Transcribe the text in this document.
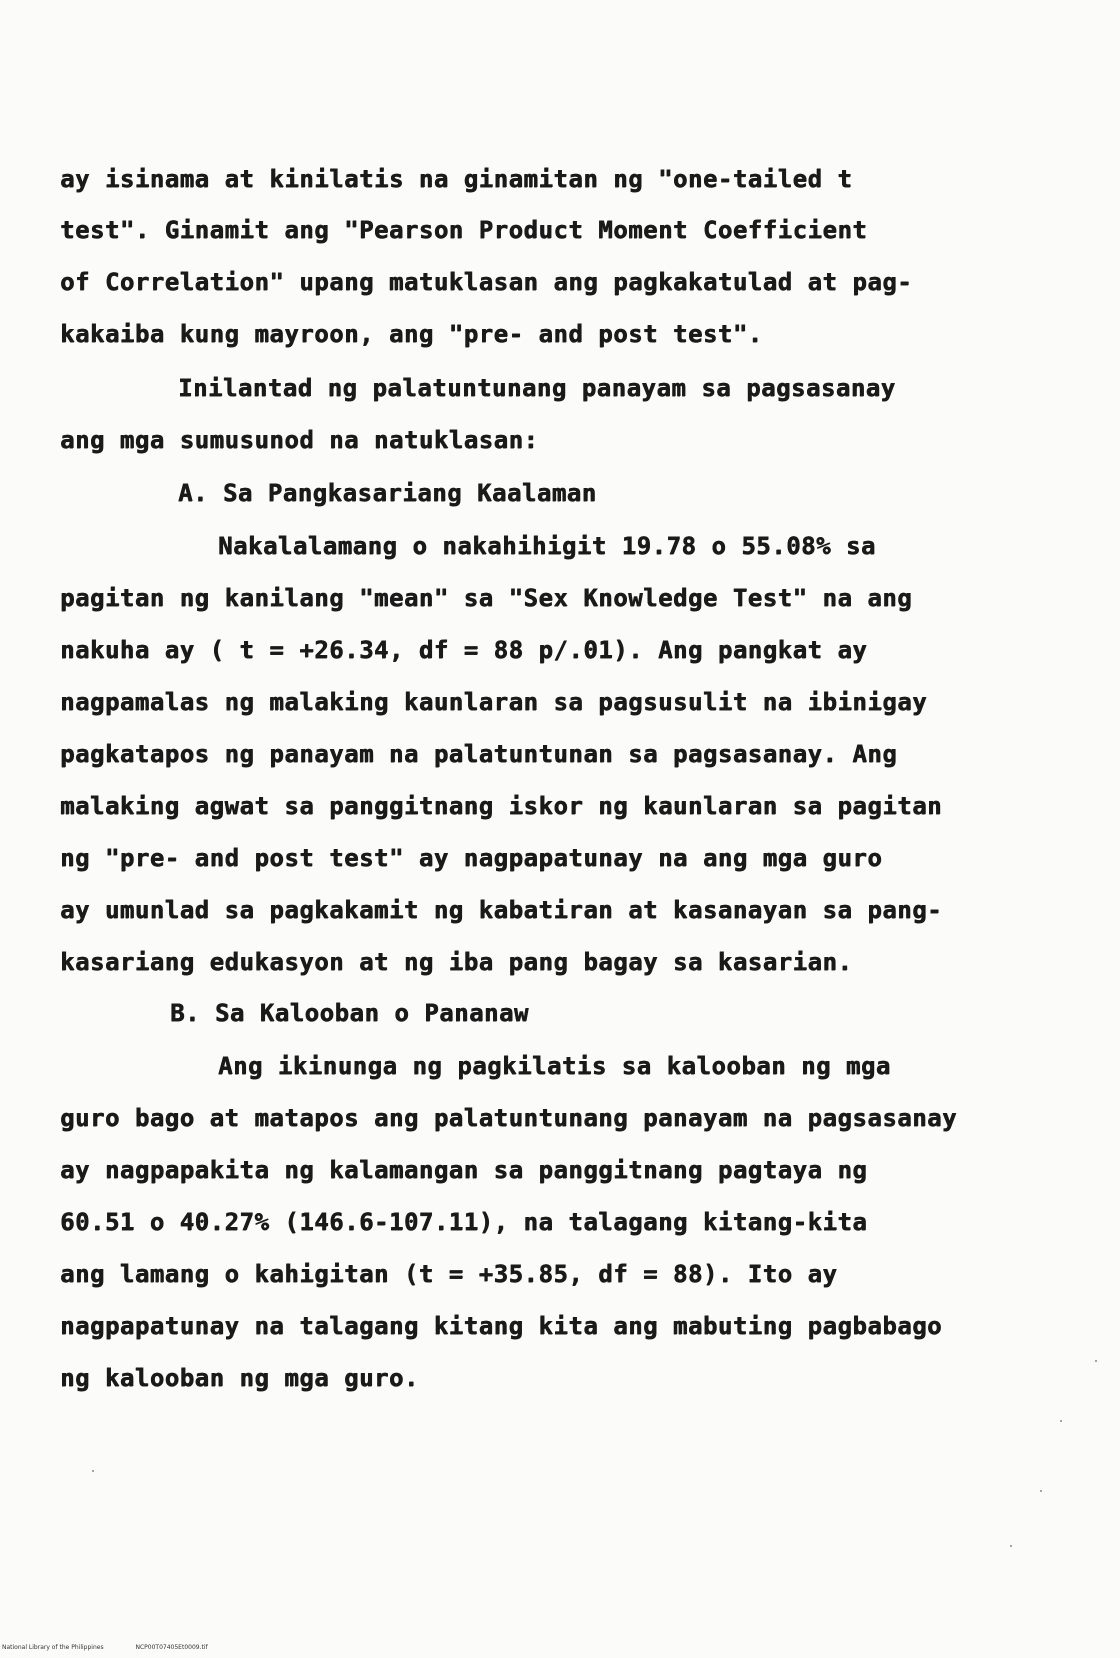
ay isinama at kinilatis na ginamitan ng "one-tailed t
test". Ginamit ang "Pearson Product Moment Coefficient
of Correlation" upang matuklasan ang pagkakatulad at pag-
kakaiba kung mayroon, ang "pre- and post test".
Inilantad ng palatuntunang panayam sa pagsasanay
ang mga sumusunod na natuklasan:
A. Sa Pangkasariang Kaalaman
Nakalalamang o nakahihigit 19.78 o 55.08% sa
pagitan ng kanilang "mean" sa "Sex Knowledge Test" na ang
nakuha ay ( t = +26.34, df = 88 p/.01). Ang pangkat ay
nagpamalas ng malaking kaunlaran sa pagsusulit na ibinigay
pagkatapos ng panayam na palatuntunan sa pagsasanay. Ang
malaking agwat sa panggitnang iskor ng kaunlaran sa pagitan
ng "pre- and post test" ay nagpapatunay na ang mga guro
ay umunlad sa pagkakamit ng kabatiran at kasanayan sa pang-
kasariang edukasyon at ng iba pang bagay sa kasarian.
B. Sa Kalooban o Pananaw
Ang ikinunga ng pagkilatis sa kalooban ng mga
guro bago at matapos ang palatuntunang panayam na pagsasanay
ay nagpapakita ng kalamangan sa panggitnang pagtaya ng
60.51 o 40.27% (146.6-107.11), na talagang kitang-kita
ang lamang o kahigitan (t = +35.85, df = 88). Ito ay
nagpapatunay na talagang kitang kita ang mabuting pagbabago
ng kalooban ng mga guro.
National Library of the Philippines	NCP00T07405Et0009.tif
